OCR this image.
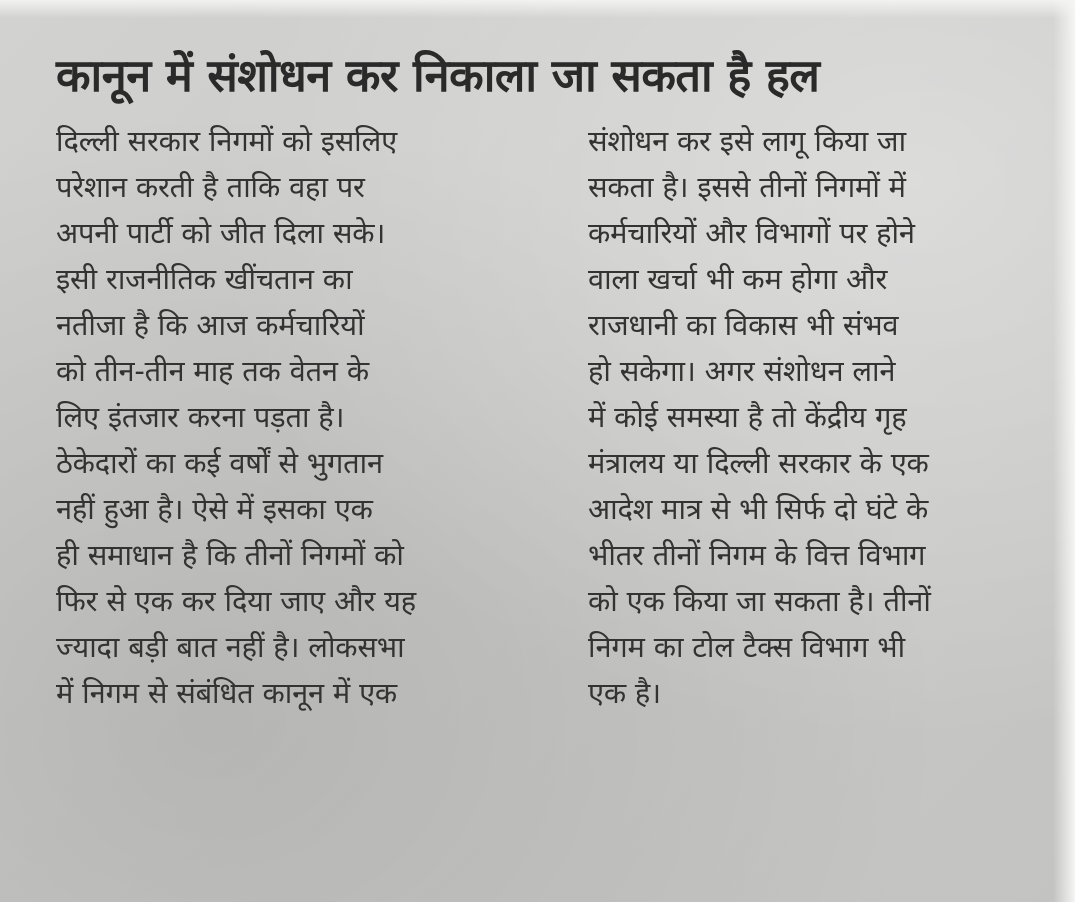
कानून में संशोधन कर निकाला जा सकता है हल
दिल्ली सरकार निगमों को इसलिए
परेशान करती है ताकि वहा पर
अपनी पार्टी को जीत दिला सके।
इसी राजनीतिक खींचतान का
नतीजा है कि आज कर्मचारियों
को तीन-तीन माह तक वेतन के
लिए इंतजार करना पड़ता है।
ठेकेदारों का कई वर्षों से भुगतान
नहीं हुआ है। ऐसे में इसका एक
ही समाधान है कि तीनों निगमों को
फिर से एक कर दिया जाए और यह
ज्यादा बड़ी बात नहीं है। लोकसभा
में निगम से संबंधित कानून में एक
संशोधन कर इसे लागू किया जा
सकता है। इससे तीनों निगमों में
कर्मचारियों और विभागों पर होने
वाला खर्चा भी कम होगा और
राजधानी का विकास भी संभव
हो सकेगा। अगर संशोधन लाने
में कोई समस्या है तो केंद्रीय गृह
मंत्रालय या दिल्ली सरकार के एक
आदेश मात्र से भी सिर्फ दो घंटे के
भीतर तीनों निगम के वित्त विभाग
को एक किया जा सकता है। तीनों
निगम का टोल टैक्स विभाग भी
एक है।
